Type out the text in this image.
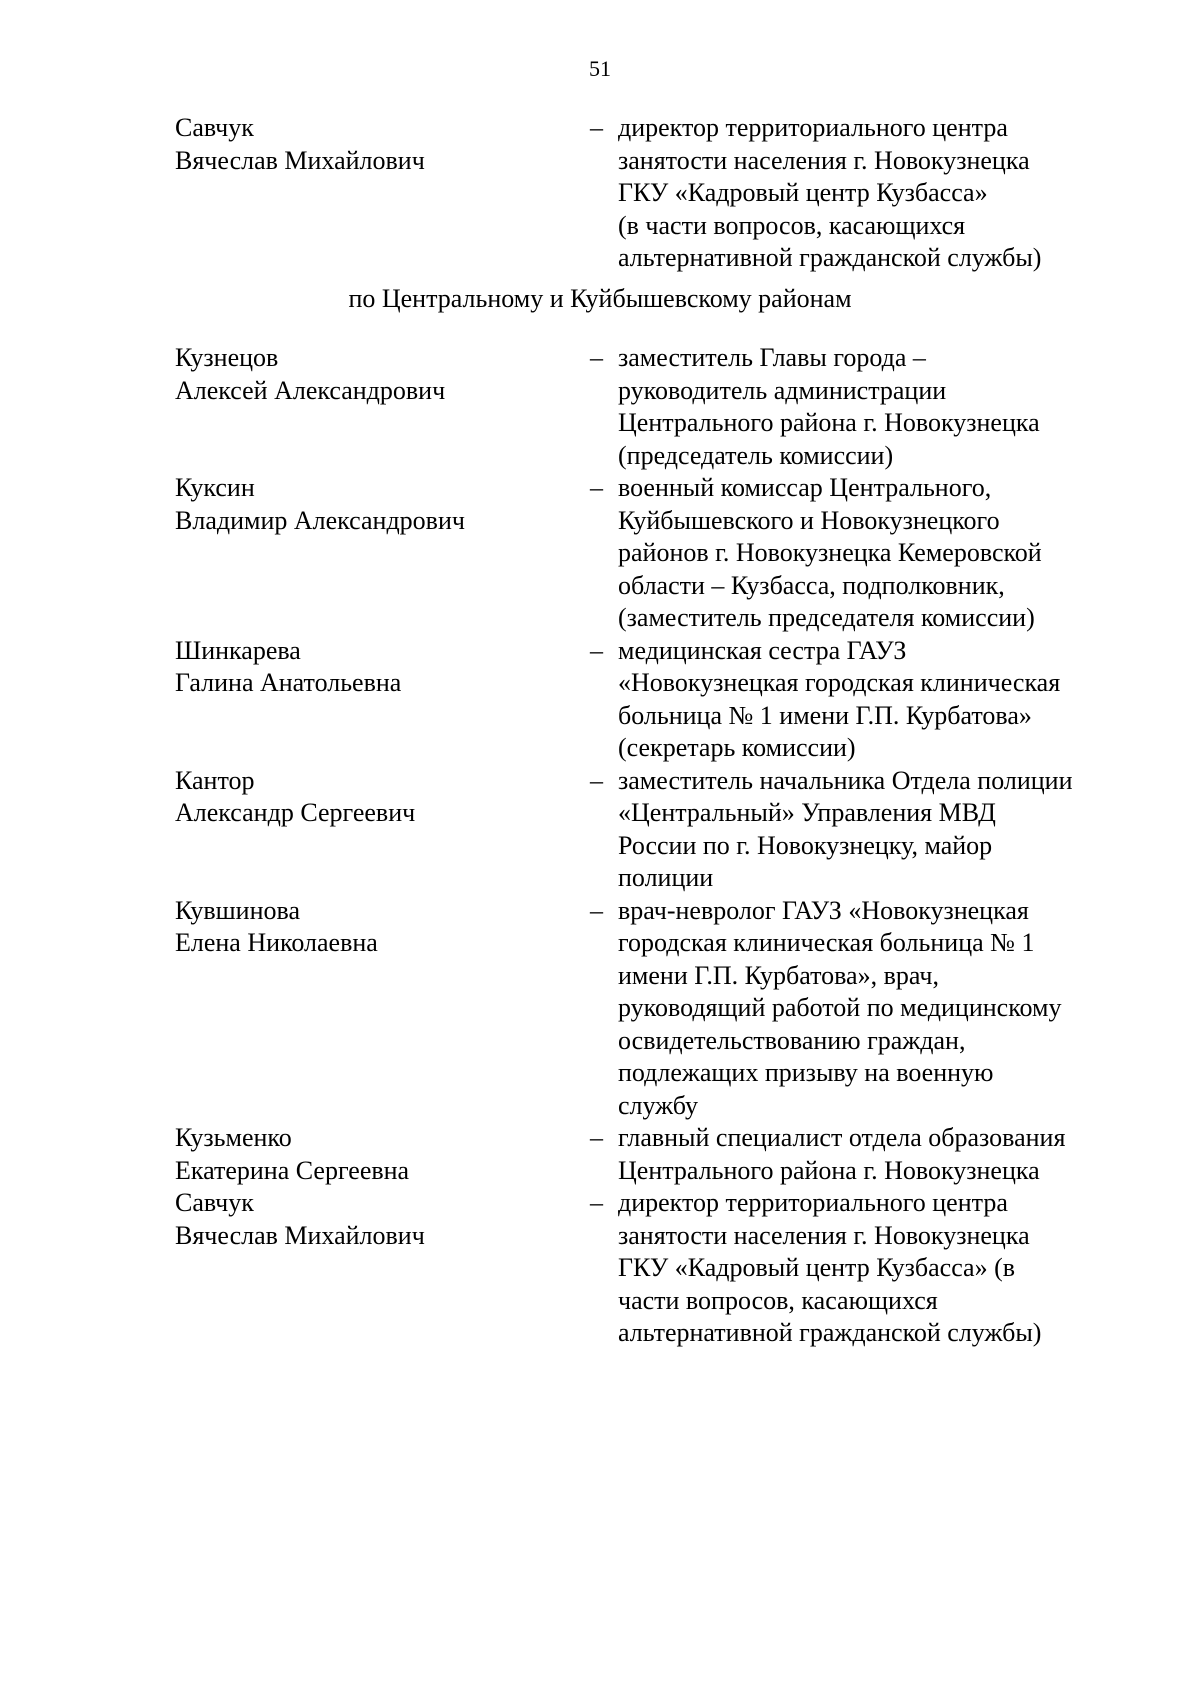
51
Савчук
Вячеслав Михайлович
– директор территориального центра
занятости населения г. Новокузнецка
ГКУ «Кадровый центр Кузбасса»
(в части вопросов, касающихся
альтернативной гражданской службы)
по Центральному и Куйбышевскому районам
Кузнецов
Алексей Александрович
– заместитель Главы города –
руководитель администрации
Центрального района г. Новокузнецка
(председатель комиссии)
Куксин
Владимир Александрович
– военный комиссар Центрального,
Куйбышевского и Новокузнецкого
районов г. Новокузнецка Кемеровской
области – Кузбасса, подполковник,
(заместитель председателя комиссии)
Шинкарева
Галина Анатольевна
– медицинская сестра ГАУЗ
«Новокузнецкая городская клиническая
больница № 1 имени Г.П. Курбатова»
(секретарь комиссии)
Кантор
Александр Сергеевич
– заместитель начальника Отдела полиции
«Центральный» Управления МВД
России по г. Новокузнецку, майор
полиции
Кувшинова
Елена Николаевна
– врач-невролог ГАУЗ «Новокузнецкая
городская клиническая больница № 1
имени Г.П. Курбатова», врач,
руководящий работой по медицинскому
освидетельствованию граждан,
подлежащих призыву на военную
службу
Кузьменко
Екатерина Сергеевна
– главный специалист отдела образования
Центрального района г. Новокузнецка
Савчук
Вячеслав Михайлович
– директор территориального центра
занятости населения г. Новокузнецка
ГКУ «Кадровый центр Кузбасса» (в
части вопросов, касающихся
альтернативной гражданской службы)
